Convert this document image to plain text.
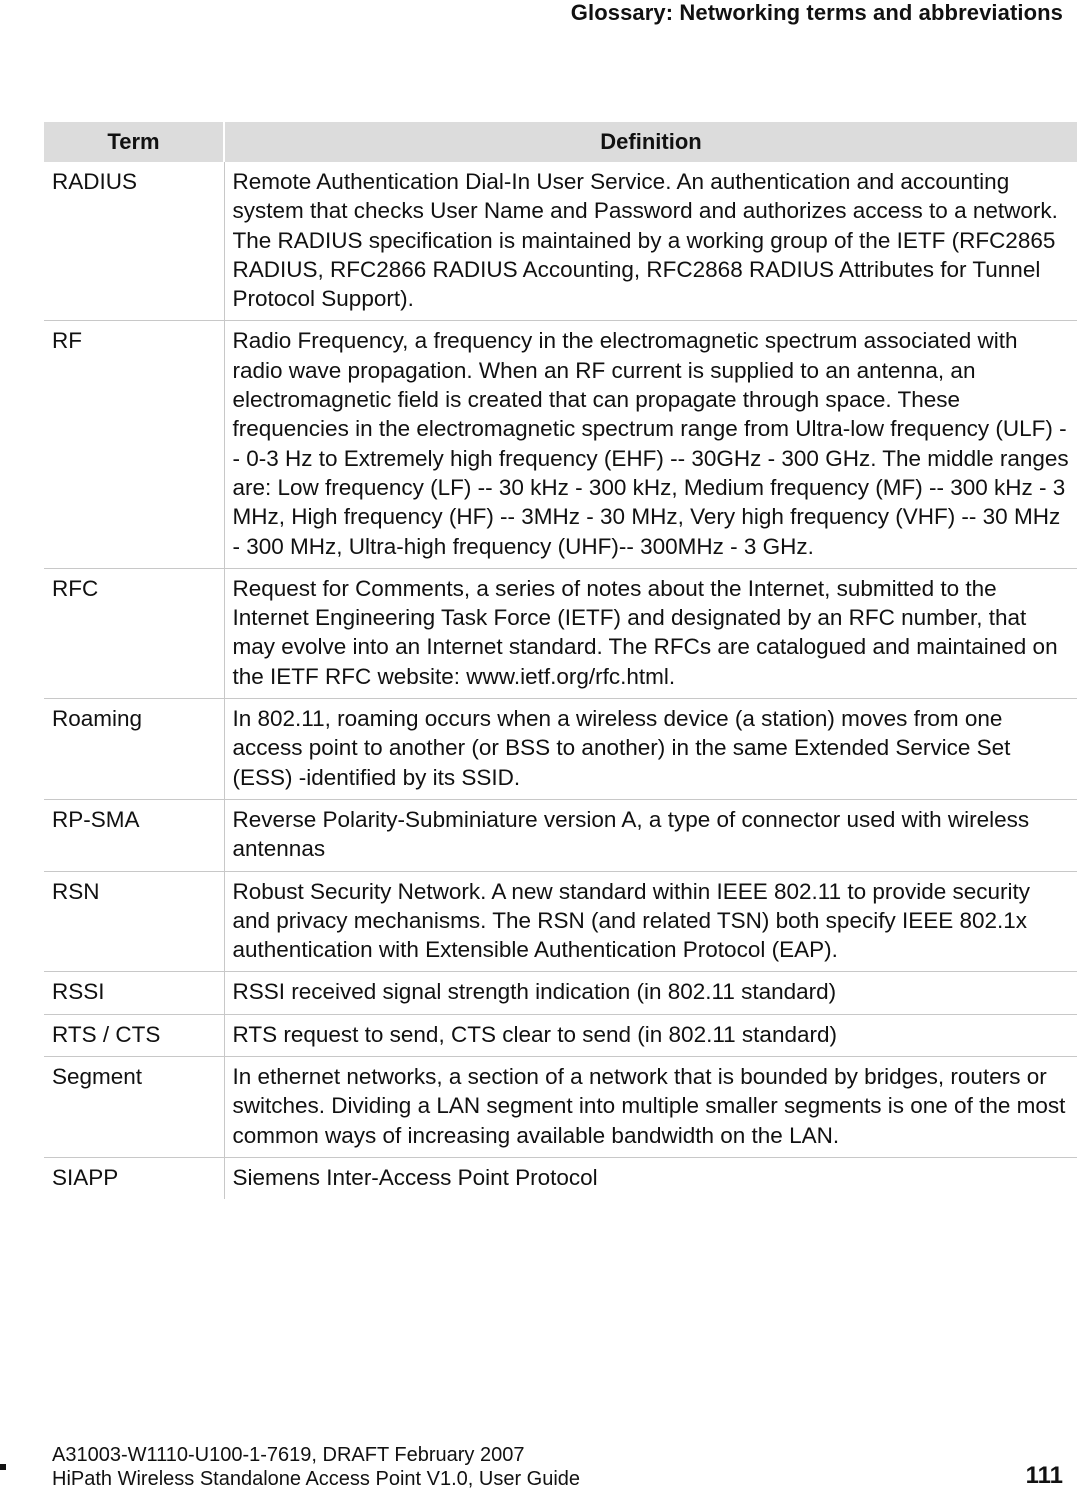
Glossary: Networking terms and abbreviations
Term	Definition
RADIUS	Remote Authentication Dial-In User Service. An authentication and accounting system that checks User Name and Password and authorizes access to a network. The RADIUS specification is maintained by a working group of the IETF (RFC2865 RADIUS, RFC2866 RADIUS Accounting, RFC2868 RADIUS Attributes for Tunnel Protocol Support).
RF	Radio Frequency, a frequency in the electromagnetic spectrum associated with radio wave propagation. When an RF current is supplied to an antenna, an electromagnetic field is created that can propagate through space. These frequencies in the electromagnetic spectrum range from Ultra-low frequency (ULF) -- 0-3 Hz to Extremely high frequency (EHF) -- 30GHz - 300 GHz. The middle ranges are: Low frequency (LF) -- 30 kHz - 300 kHz, Medium frequency (MF) -- 300 kHz - 3 MHz, High frequency (HF) -- 3MHz - 30 MHz, Very high frequency (VHF) -- 30 MHz - 300 MHz, Ultra-high frequency (UHF)-- 300MHz - 3 GHz.
RFC	Request for Comments, a series of notes about the Internet, submitted to the Internet Engineering Task Force (IETF) and designated by an RFC number, that may evolve into an Internet standard. The RFCs are catalogued and maintained on the IETF RFC website: www.ietf.org/rfc.html.
Roaming	In 802.11, roaming occurs when a wireless device (a station) moves from one access point to another (or BSS to another) in the same Extended Service Set (ESS) -identified by its SSID.
RP-SMA	Reverse Polarity-Subminiature version A, a type of connector used with wireless antennas
RSN	Robust Security Network. A new standard within IEEE 802.11 to provide security and privacy mechanisms. The RSN (and related TSN) both specify IEEE 802.1x authentication with Extensible Authentication Protocol (EAP).
RSSI	RSSI received signal strength indication (in 802.11 standard)
RTS / CTS	RTS request to send, CTS clear to send (in 802.11 standard)
Segment	In ethernet networks, a section of a network that is bounded by bridges, routers or switches. Dividing a LAN segment into multiple smaller segments is one of the most common ways of increasing available bandwidth on the LAN.
SIAPP	Siemens Inter-Access Point Protocol
A31003-W1110-U100-1-7619, DRAFT February 2007
HiPath Wireless Standalone Access Point V1.0, User Guide	111
